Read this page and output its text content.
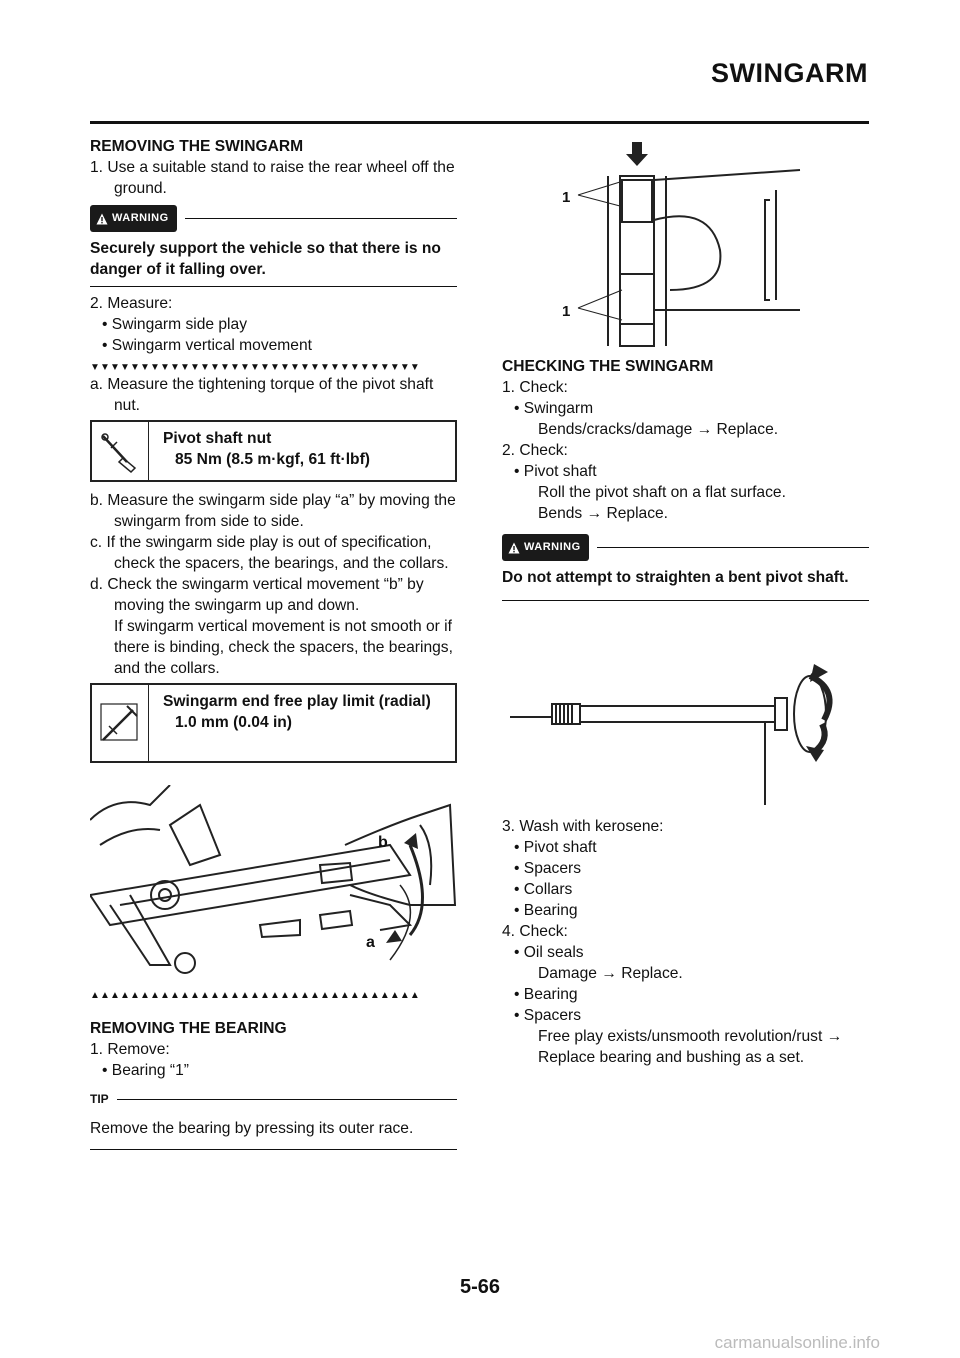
SWINGARM

REMOVING THE SWINGARM

1. Use a suitable stand to raise the rear wheel off the ground.

WARNING

Securely support the vehicle so that there is no danger of it falling over.

2. Measure:

• Swingarm side play

• Swingarm vertical movement

▼▼▼▼▼▼▼▼▼▼▼▼▼▼▼▼▼▼▼▼▼▼▼▼▼▼▼▼▼▼▼▼▼

a. Measure the tightening torque of the pivot shaft nut.

Pivot shaft nut
85 Nm (8.5 m·kgf, 61 ft·lbf)

b. Measure the swingarm side play “a” by moving the swingarm from side to side.

c. If the swingarm side play is out of specification, check the spacers, the bearings, and the collars.

d. Check the swingarm vertical movement “b” by moving the swingarm up and down.

If swingarm vertical movement is not smooth or if there is binding, check the spacers, the bearings, and the collars.

Swingarm end free play limit (radial)
1.0 mm (0.04 in)
b
a

▲▲▲▲▲▲▲▲▲▲▲▲▲▲▲▲▲▲▲▲▲▲▲▲▲▲▲▲▲▲▲▲▲

REMOVING THE BEARING

1. Remove:

• Bearing “1”

TIP

Remove the bearing by pressing its outer race.

1
1

CHECKING THE SWINGARM

1. Check:

• Swingarm

Bends/cracks/damage → Replace.

2. Check:

• Pivot shaft

Roll the pivot shaft on a flat surface.

Bends → Replace.

WARNING

Do not attempt to straighten a bent pivot shaft.

3. Wash with kerosene:

• Pivot shaft

• Spacers

• Collars

• Bearing

4. Check:

• Oil seals

Damage → Replace.

• Bearing

• Spacers

Free play exists/unsmooth revolution/rust →

Replace bearing and bushing as a set.

5-66
carmanualsonline.info
